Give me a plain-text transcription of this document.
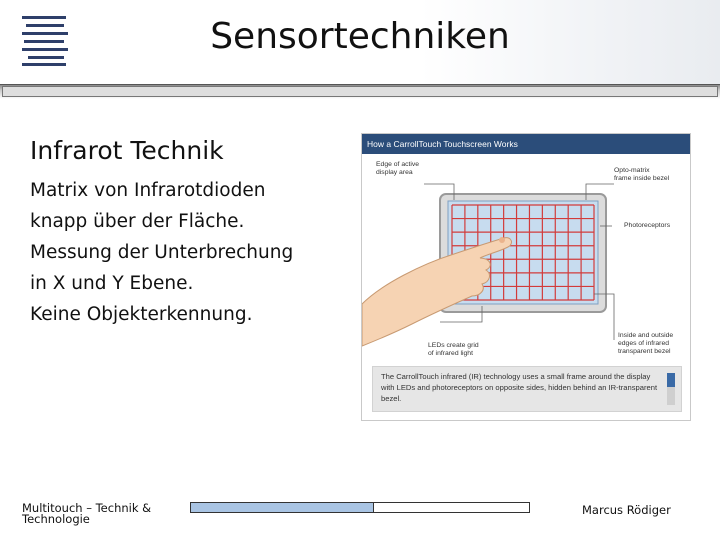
Sensortechniken
Infrarot Technik
Matrix von Infrarotdioden
knapp über der Fläche.
Messung der Unterbrechung
in X und Y Ebene.
Keine Objekterkennung.
How a CarrollTouch Touchscreen Works
Edge of active
display area	Opto-matrix
frame inside bezel
Photoreceptors
LEDs create grid
of infrared light
Inside and outside
edges of infrared
transparent bezel
The CarrollTouch infrared (IR) technology uses a small frame around the display with LEDs and photoreceptors on opposite sides, hidden behind an IR-transparent bezel.
Multitouch – Technik & Technologie
Marcus Rödiger
